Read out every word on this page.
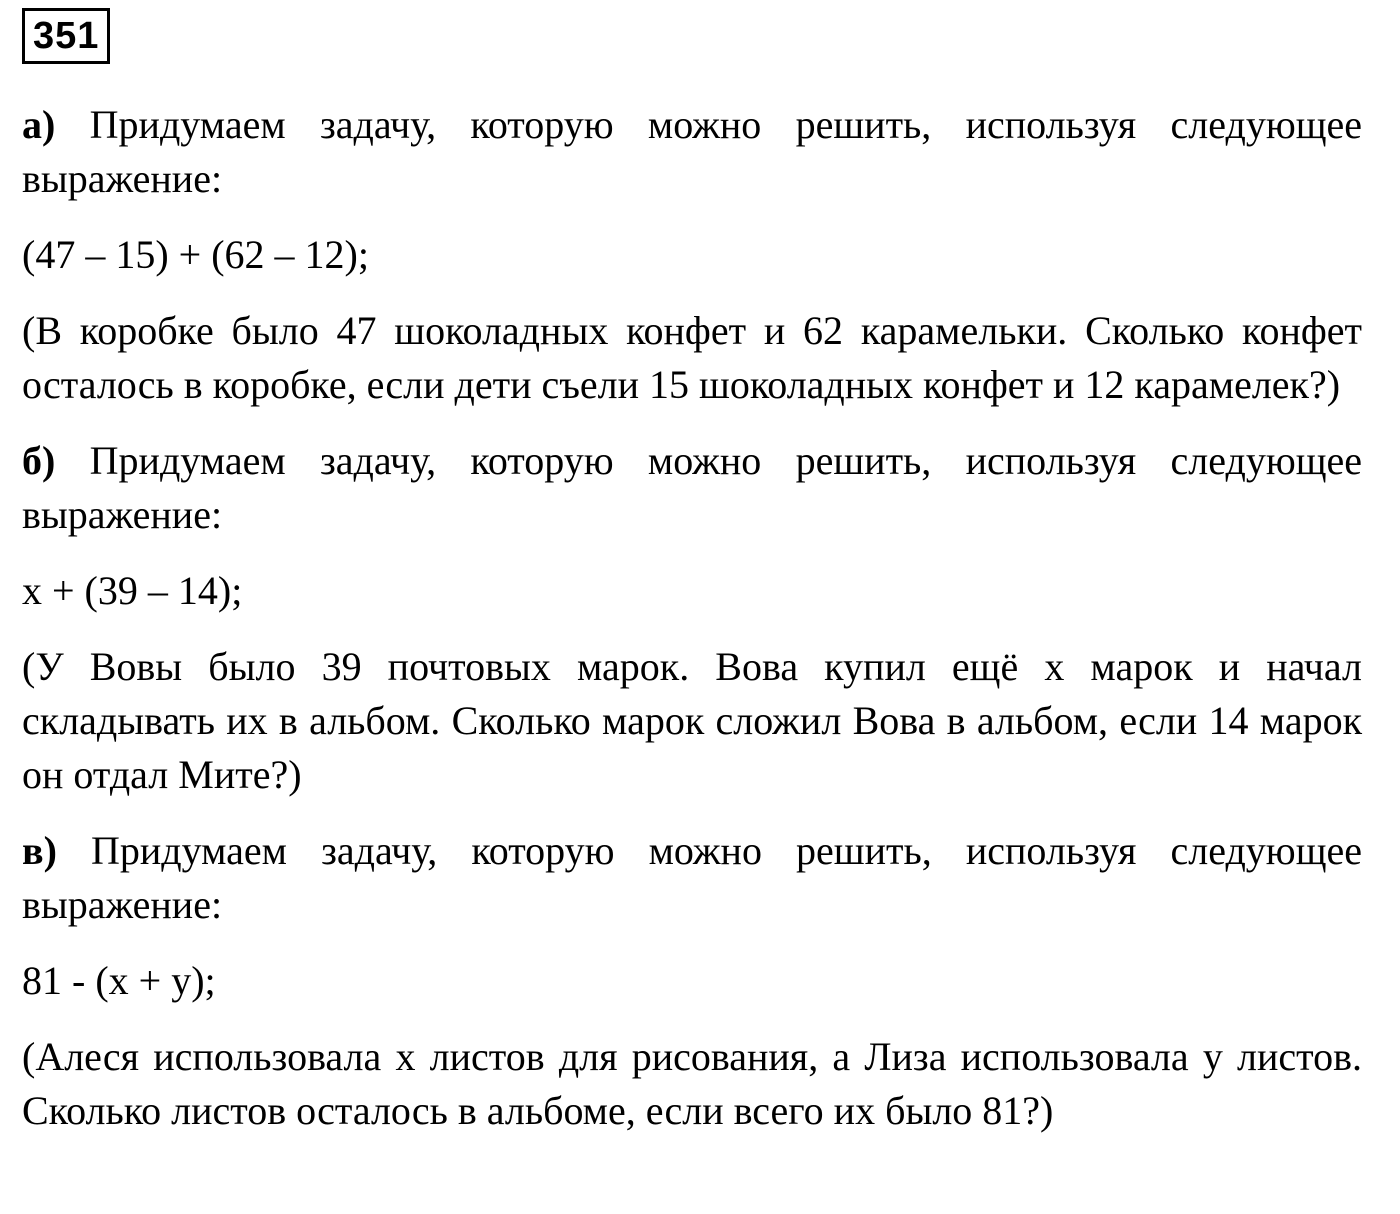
351

а) Придумаем задачу, которую можно решить, используя следующее выражение:

(47 – 15) + (62 – 12);

(В коробке было 47 шоколадных конфет и 62 карамельки. Сколько конфет осталось в коробке, если дети съели 15 шоколадных конфет и 12 карамелек?)

б) Придумаем задачу, которую можно решить, используя следующее выражение:

x + (39 – 14);

(У Вовы было 39 почтовых марок. Вова купил ещё x марок и начал складывать их в альбом. Сколько марок сложил Вова в альбом, если 14 марок он отдал Мите?)

в) Придумаем задачу, которую можно решить, используя следующее выражение:

81 - (x + y);

(Алеся использовала x листов для рисования, а Лиза использовала y листов. Сколько листов осталось в альбоме, если всего их было 81?)
